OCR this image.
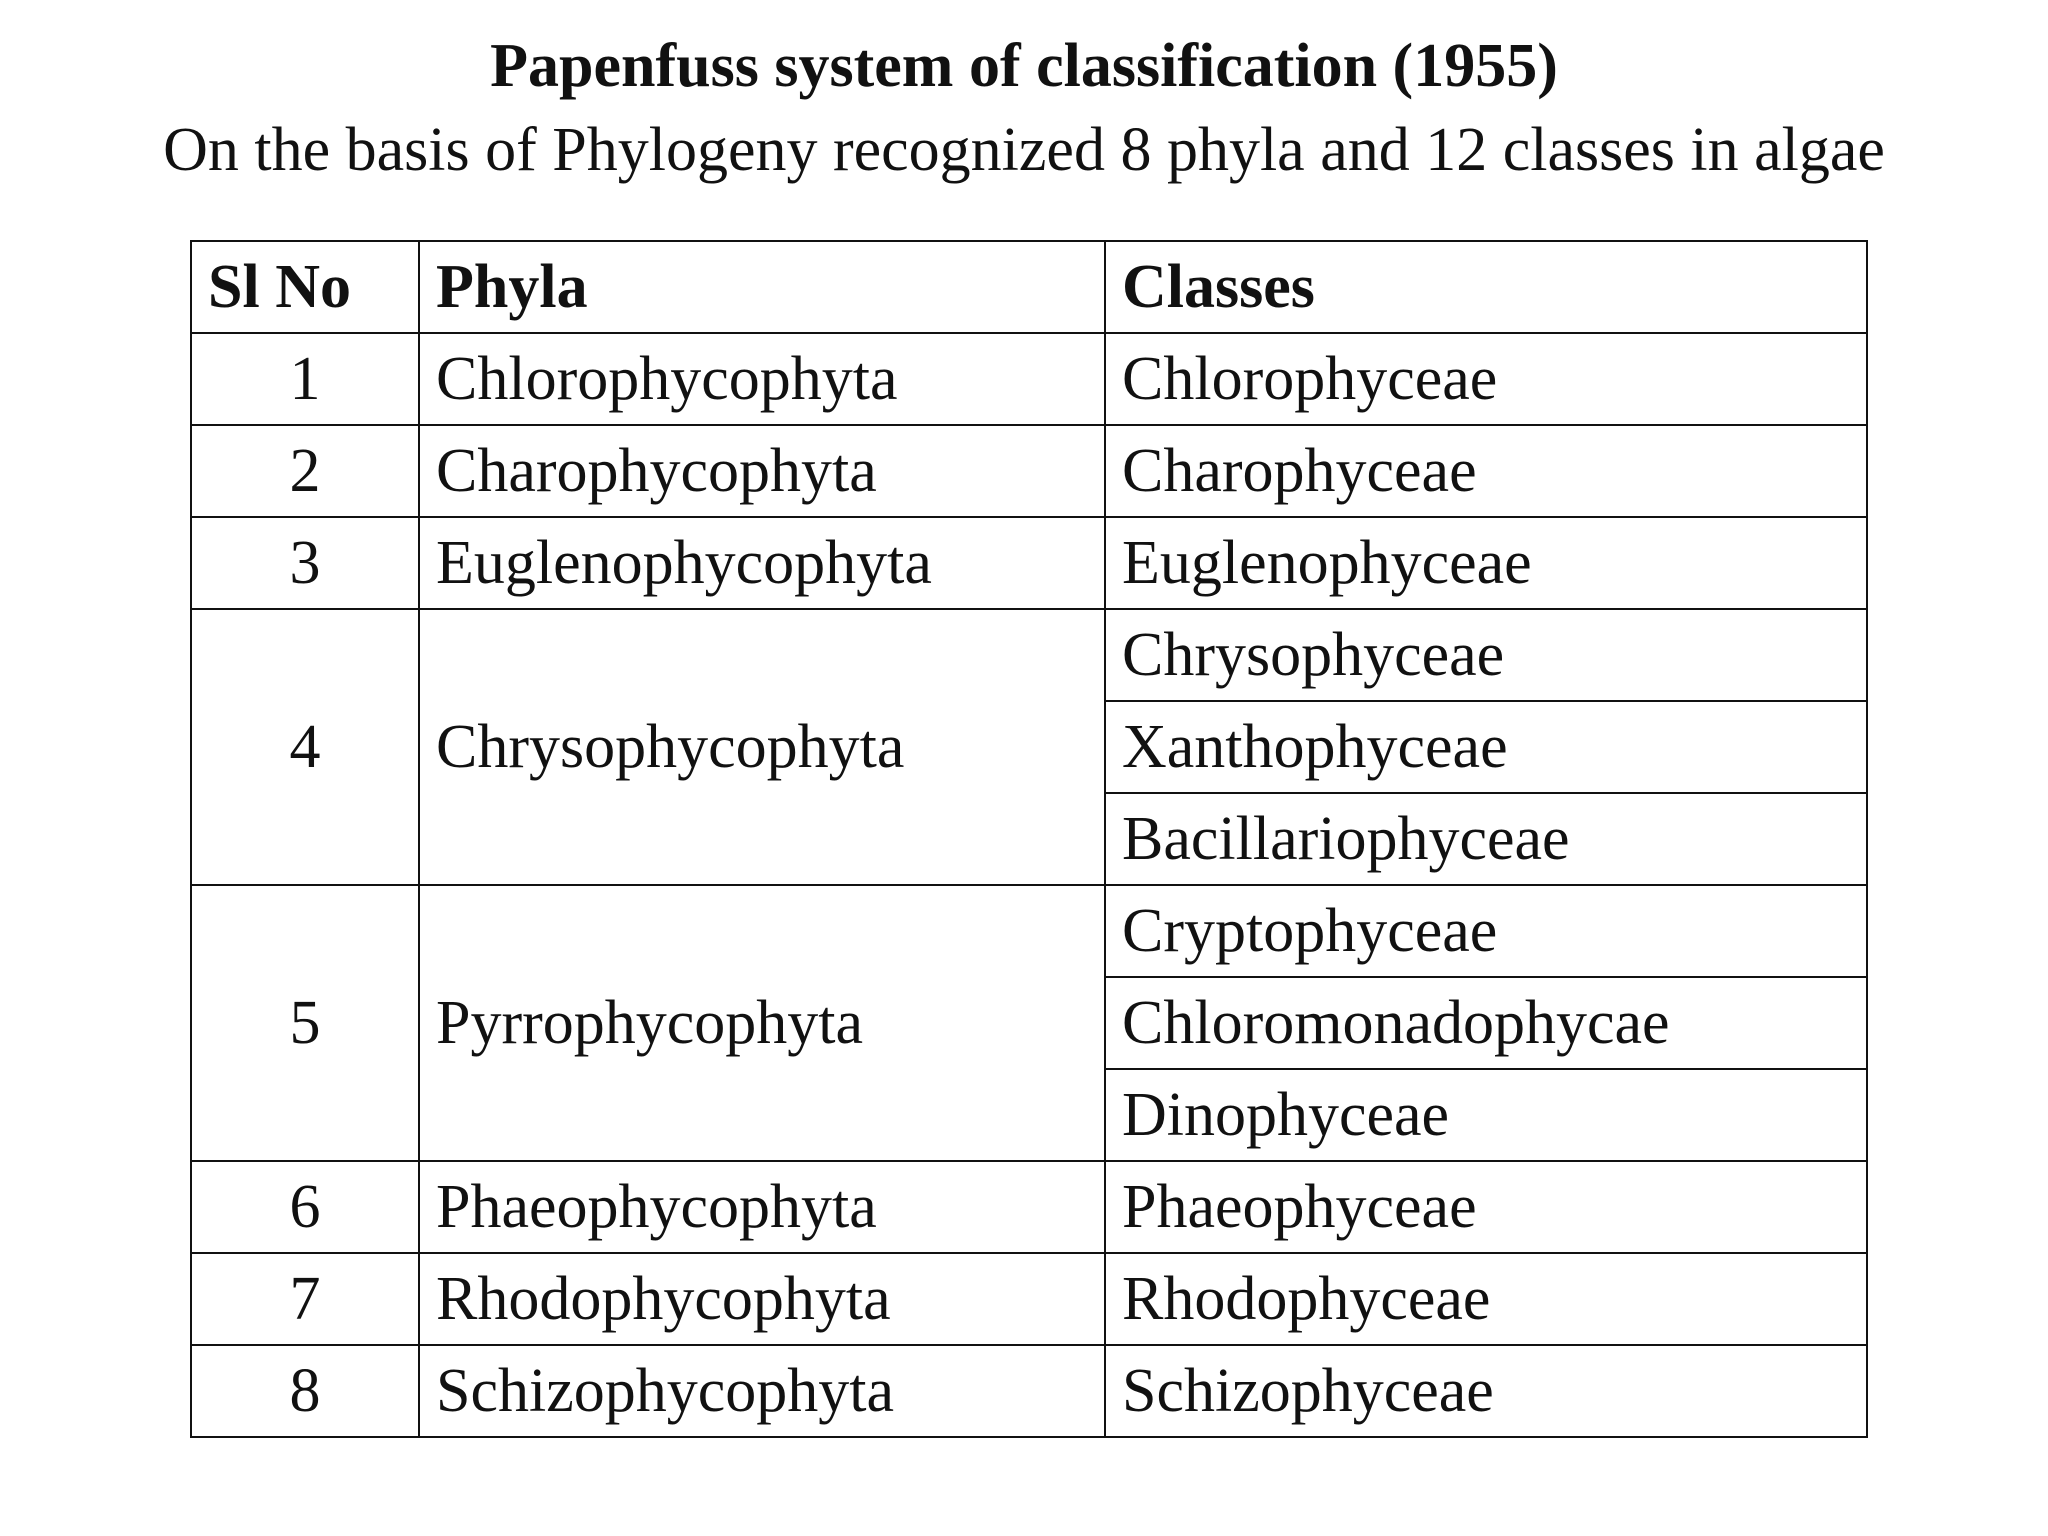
Papenfuss system of classification (1955)
On the basis of Phylogeny recognized 8 phyla and 12 classes in algae
Sl No	Phyla	Classes
1	Chlorophycophyta	Chlorophyceae
2	Charophycophyta	Charophyceae
3	Euglenophycophyta	Euglenophyceae
4	Chrysophycophyta	Chrysophyceae
		Xanthophyceae
		Bacillariophyceae
5	Pyrrophycophyta	Cryptophyceae
		Chloromonadophycae
		Dinophyceae
6	Phaeophycophyta	Phaeophyceae
7	Rhodophycophyta	Rhodophyceae
8	Schizophycophyta	Schizophyceae
